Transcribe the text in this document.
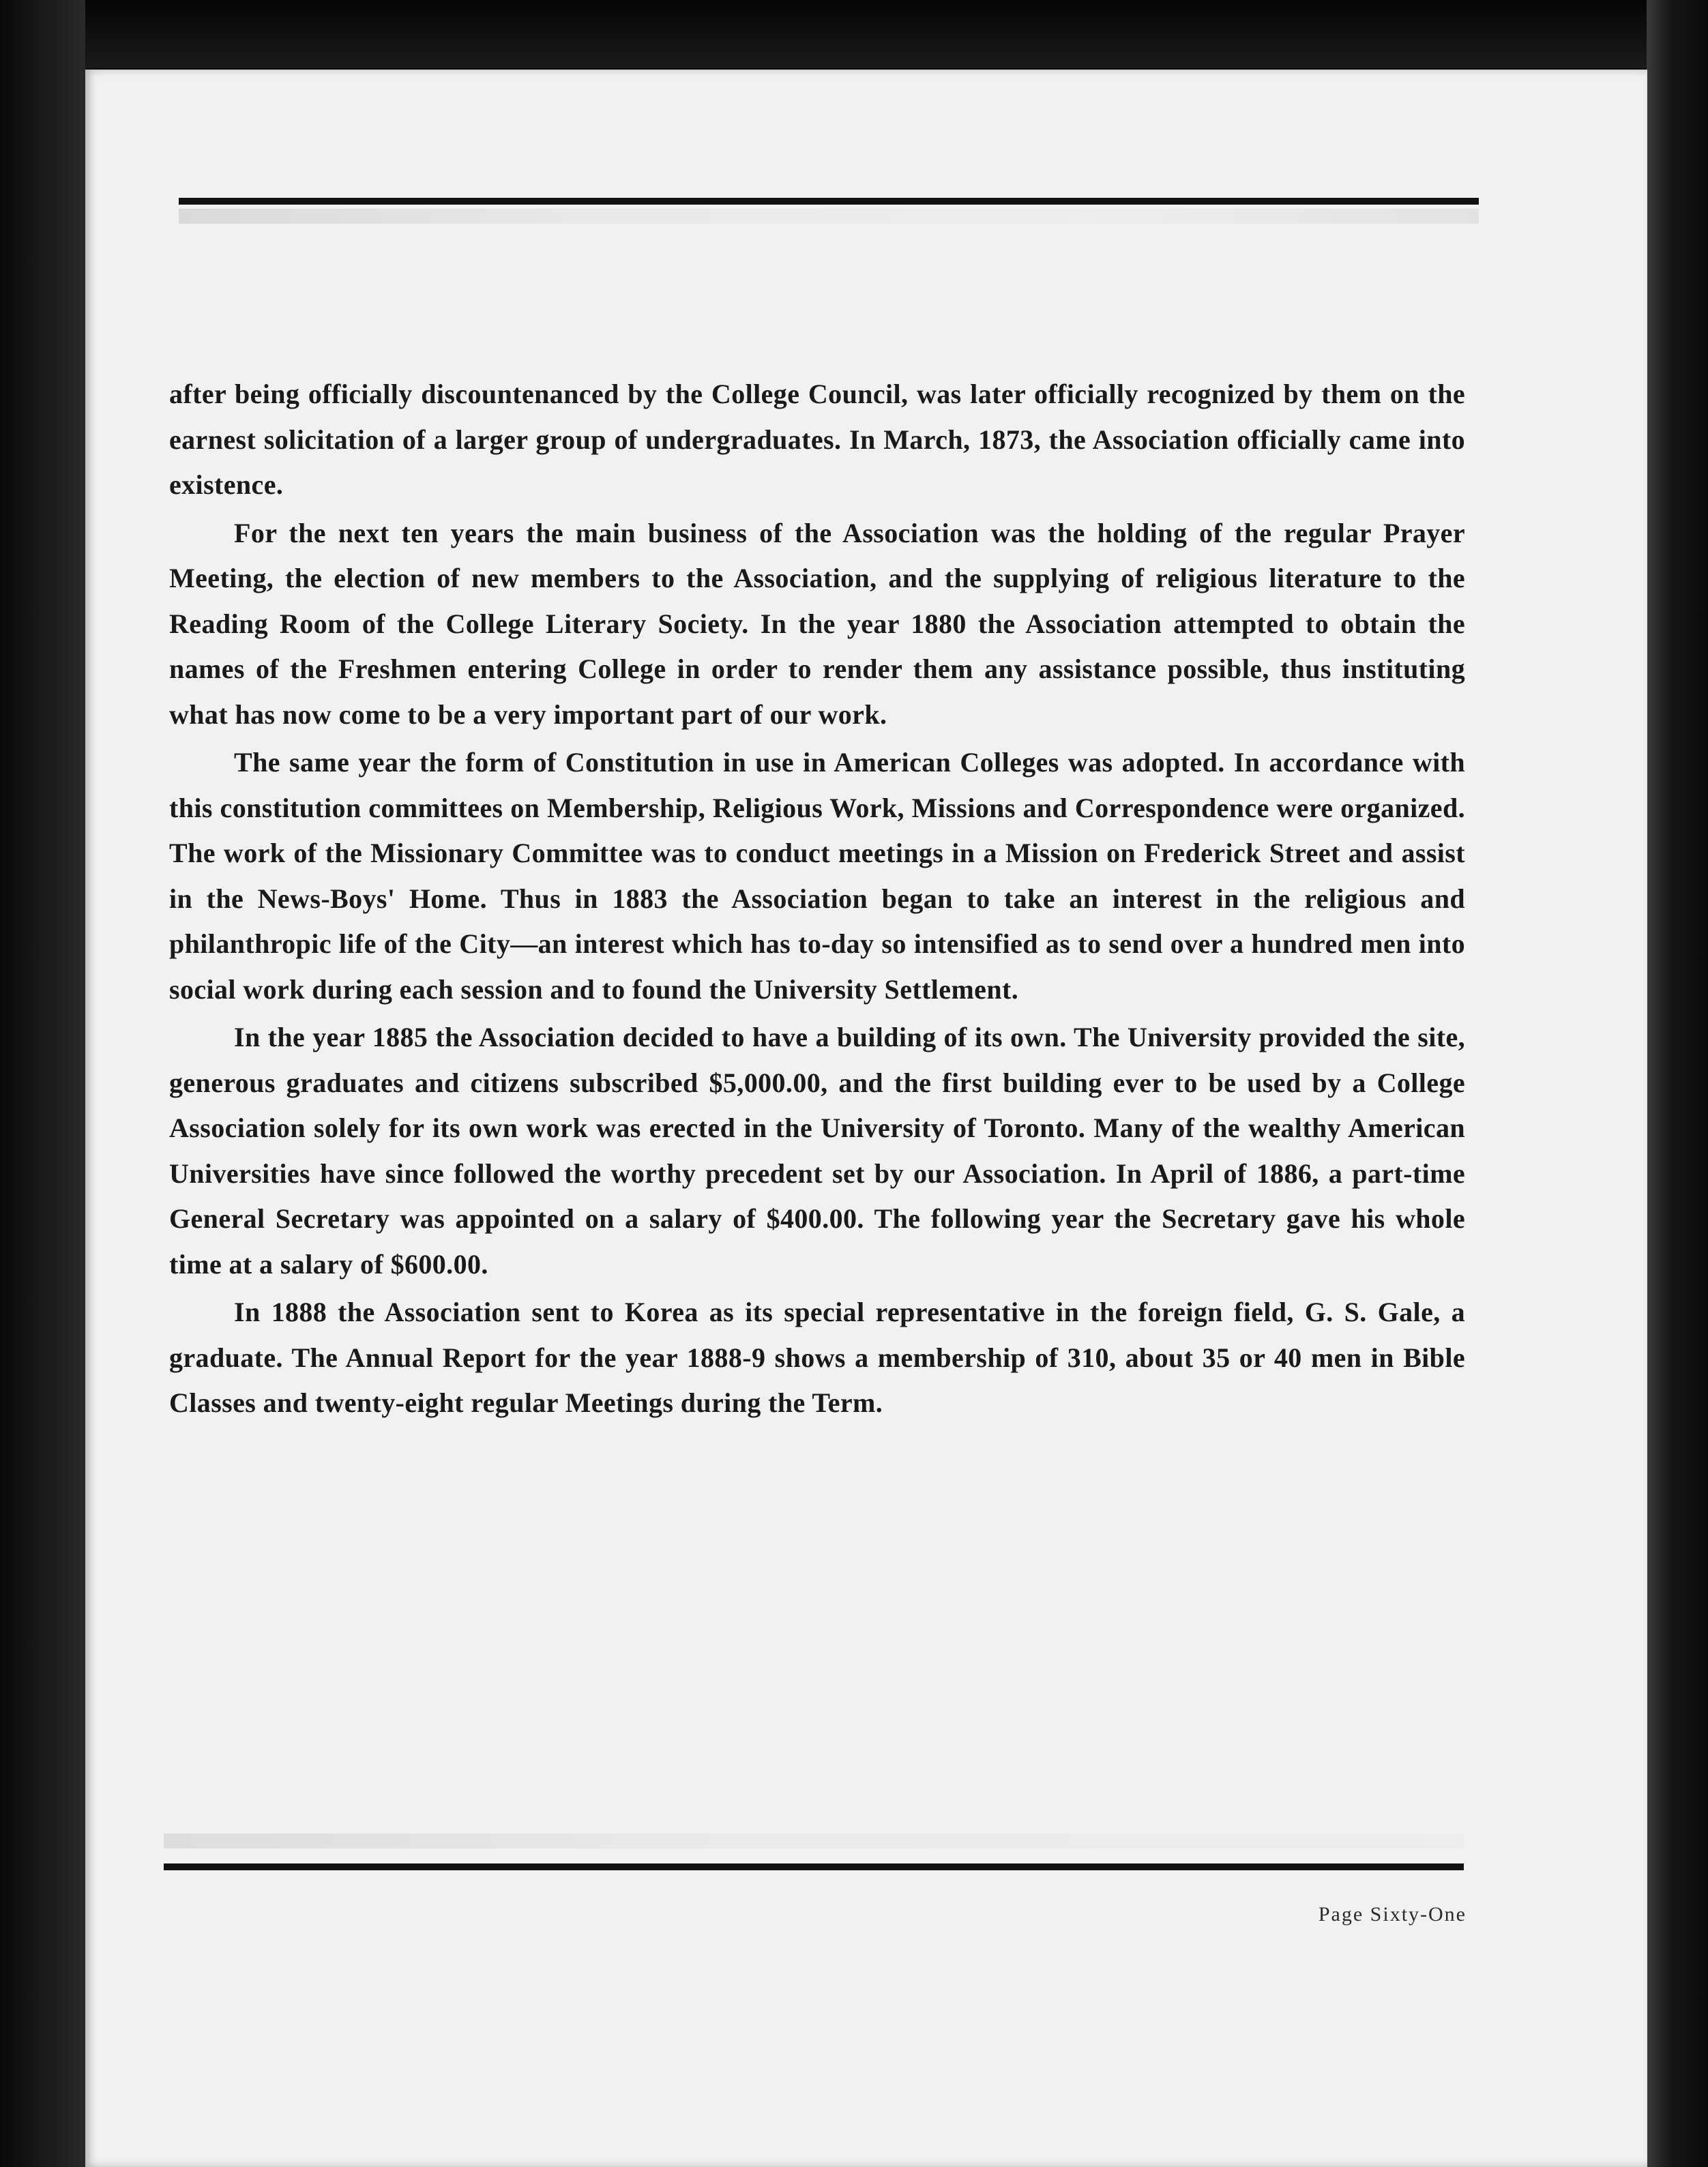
after being officially discountenanced by the College Council, was later officially recognized by them on the earnest solicitation of a larger group of undergraduates. In March, 1873, the Association officially came into existence.

For the next ten years the main business of the Association was the holding of the regular Prayer Meeting, the election of new members to the Association, and the supplying of religious literature to the Reading Room of the College Literary Society. In the year 1880 the Association attempted to obtain the names of the Freshmen entering College in order to render them any assistance possible, thus instituting what has now come to be a very important part of our work.

The same year the form of Constitution in use in American Colleges was adopted. In accordance with this constitution committees on Membership, Religious Work, Missions and Correspondence were organized. The work of the Missionary Committee was to conduct meetings in a Mission on Frederick Street and assist in the News-Boys' Home. Thus in 1883 the Association began to take an interest in the religious and philanthropic life of the City—an interest which has to-day so intensified as to send over a hundred men into social work during each session and to found the University Settlement.

In the year 1885 the Association decided to have a building of its own. The University provided the site, generous graduates and citizens subscribed $5,000.00, and the first building ever to be used by a College Association solely for its own work was erected in the University of Toronto. Many of the wealthy American Universities have since followed the worthy precedent set by our Association. In April of 1886, a part-time General Secretary was appointed on a salary of $400.00. The following year the Secretary gave his whole time at a salary of $600.00.

In 1888 the Association sent to Korea as its special representative in the foreign field, G. S. Gale, a graduate. The Annual Report for the year 1888-9 shows a membership of 310, about 35 or 40 men in Bible Classes and twenty-eight regular Meetings during the Term.

Page Sixty-One
